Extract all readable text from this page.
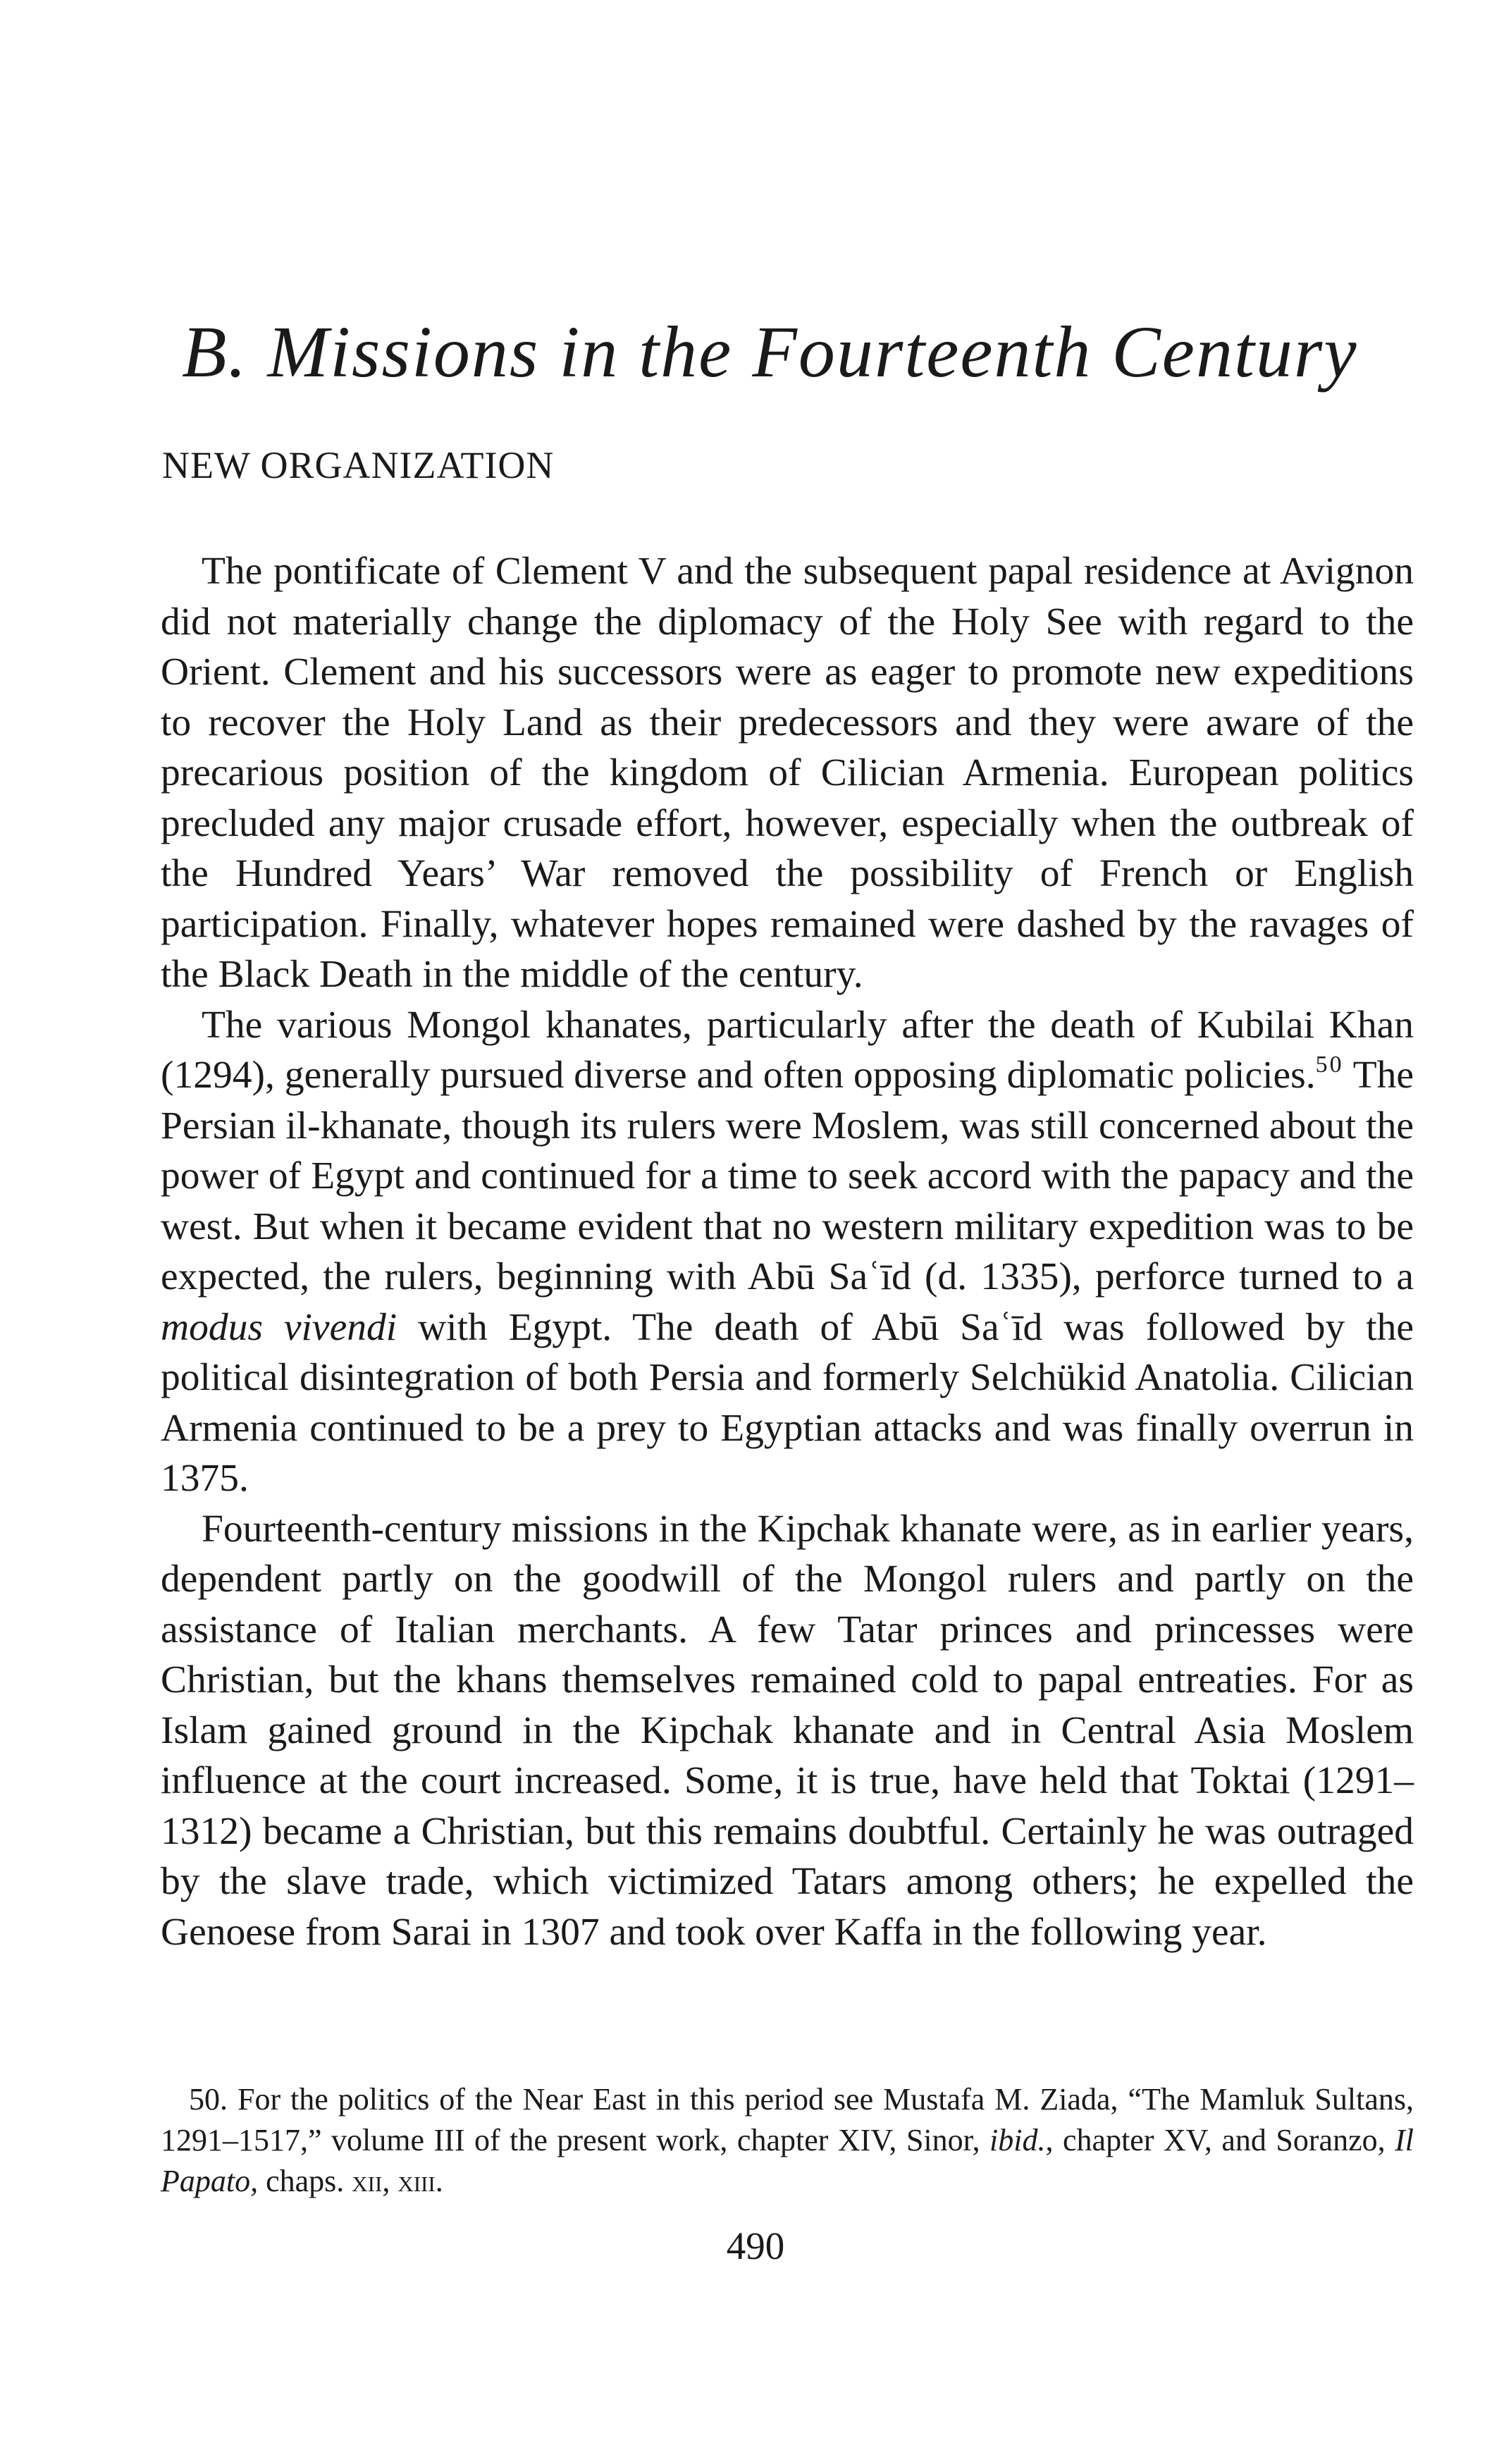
B. Missions in the Fourteenth Century
NEW ORGANIZATION

The pontificate of Clement V and the subsequent papal residence at Avignon did not materially change the diplomacy of the Holy See with regard to the Orient. Clement and his successors were as eager to promote new expeditions to recover the Holy Land as their predecessors and they were aware of the precarious position of the kingdom of Cilician Armenia. European politics precluded any major crusade effort, however, especially when the outbreak of the Hundred Years’ War removed the possibility of French or English participation. Finally, whatever hopes remained were dashed by the ravages of the Black Death in the middle of the century.

The various Mongol khanates, particularly after the death of Kubilai Khan (1294), generally pursued diverse and often opposing diplomatic policies.$^{50}$ The Persian il-khanate, though its rulers were Moslem, was still concerned about the power of Egypt and continued for a time to seek accord with the papacy and the west. But when it became evident that no western military expedition was to be expected, the rulers, beginning with Abū Saʿīd (d. 1335), perforce turned to a modus vivendi with Egypt. The death of Abū Saʿīd was followed by the political disintegration of both Persia and formerly Selchükid Anatolia. Cilician Armenia continued to be a prey to Egyptian attacks and was finally overrun in 1375.

Fourteenth-century missions in the Kipchak khanate were, as in earlier years, dependent partly on the goodwill of the Mongol rulers and partly on the assistance of Italian merchants. A few Tatar princes and princesses were Christian, but the khans themselves remained cold to papal entreaties. For as Islam gained ground in the Kipchak khanate and in Central Asia Moslem influence at the court increased. Some, it is true, have held that Toktai (1291–1312) became a Christian, but this remains doubtful. Certainly he was outraged by the slave trade, which victimized Tatars among others; he expelled the Genoese from Sarai in 1307 and took over Kaffa in the following year.

50. For the politics of the Near East in this period see Mustafa M. Ziada, “The Mamluk Sultans, 1291–1517,” volume III of the present work, chapter XIV, Sinor, ibid., chapter XV, and Soranzo, Il Papato, chaps. xii, xiii.

490
